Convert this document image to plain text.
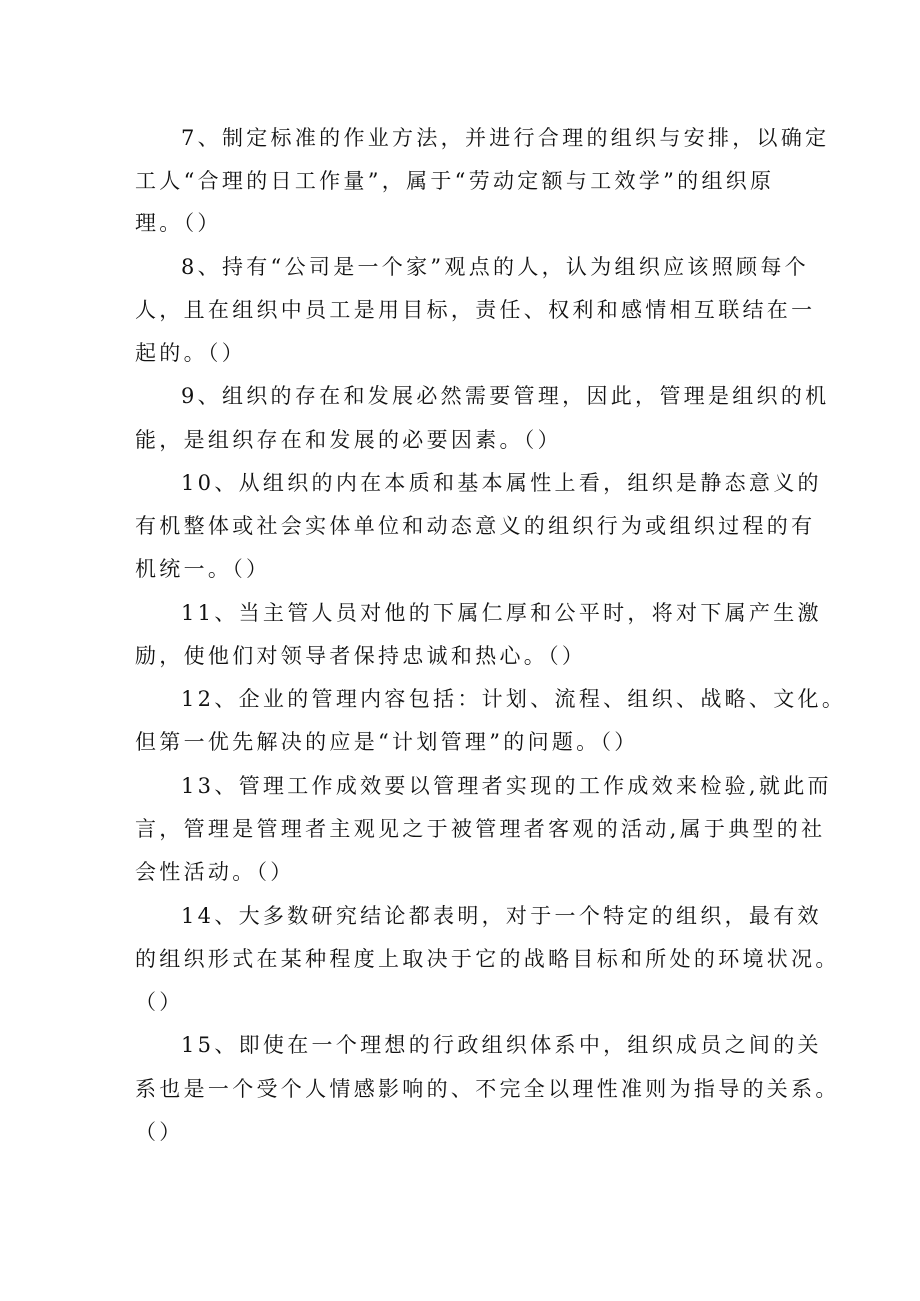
7、制定标准的作业方法，并进行合理的组织与安排，以确定
工人“合理的日工作量”，属于“劳动定额与工效学”的组织原
理。（）
8、持有“公司是一个家”观点的人，认为组织应该照顾每个
人，且在组织中员工是用目标，责任、权利和感情相互联结在一
起的。（）
9、组织的存在和发展必然需要管理，因此，管理是组织的机
能，是组织存在和发展的必要因素。（）
10、从组织的内在本质和基本属性上看，组织是静态意义的
有机整体或社会实体单位和动态意义的组织行为或组织过程的有
机统一。（）
11、当主管人员对他的下属仁厚和公平时，将对下属产生激
励，使他们对领导者保持忠诚和热心。（）
12、企业的管理内容包括：计划、流程、组织、战略、文化。
但第一优先解决的应是“计划管理”的问题。（）
13、管理工作成效要以管理者实现的工作成效来检验,就此而
言，管理是管理者主观见之于被管理者客观的活动,属于典型的社
会性活动。（）
14、大多数研究结论都表明，对于一个特定的组织，最有效
的组织形式在某种程度上取决于它的战略目标和所处的环境状况。
（）
15、即使在一个理想的行政组织体系中，组织成员之间的关
系也是一个受个人情感影响的、不完全以理性准则为指导的关系。
（）
